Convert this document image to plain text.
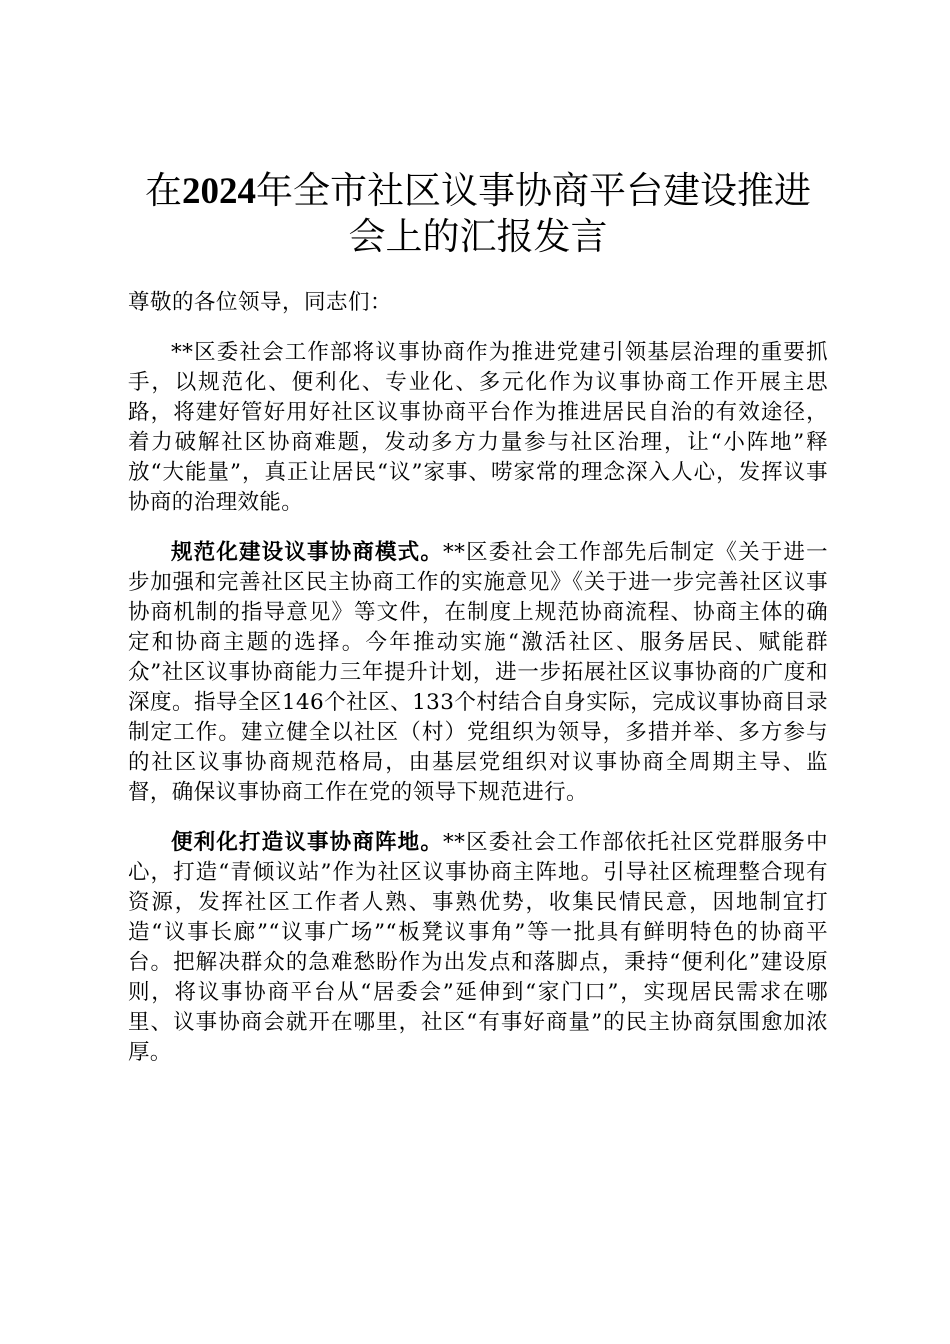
在2024年全市社区议事协商平台建设推进会上的汇报发言

尊敬的各位领导，同志们：

**区委社会工作部将议事协商作为推进党建引领基层治理的重要抓手，以规范化、便利化、专业化、多元化作为议事协商工作开展主思路，将建好管好用好社区议事协商平台作为推进居民自治的有效途径，着力破解社区协商难题，发动多方力量参与社区治理，让“小阵地”释放“大能量”，真正让居民“议”家事、唠家常的理念深入人心，发挥议事协商的治理效能。

规范化建设议事协商模式。**区委社会工作部先后制定《关于进一步加强和完善社区民主协商工作的实施意见》《关于进一步完善社区议事协商机制的指导意见》等文件，在制度上规范协商流程、协商主体的确定和协商主题的选择。今年推动实施“激活社区、服务居民、赋能群众”社区议事协商能力三年提升计划，进一步拓展社区议事协商的广度和深度。指导全区146个社区、133个村结合自身实际，完成议事协商目录制定工作。建立健全以社区（村）党组织为领导，多措并举、多方参与的社区议事协商规范格局，由基层党组织对议事协商全周期主导、监督，确保议事协商工作在党的领导下规范进行。

便利化打造议事协商阵地。**区委社会工作部依托社区党群服务中心，打造“青倾议站”作为社区议事协商主阵地。引导社区梳理整合现有资源，发挥社区工作者人熟、事熟优势，收集民情民意，因地制宜打造“议事长廊”“议事广场”“板凳议事角”等一批具有鲜明特色的协商平台。把解决群众的急难愁盼作为出发点和落脚点，秉持“便利化”建设原则，将议事协商平台从“居委会”延伸到“家门口”，实现居民需求在哪里、议事协商会就开在哪里，社区“有事好商量”的民主协商氛围愈加浓厚。
